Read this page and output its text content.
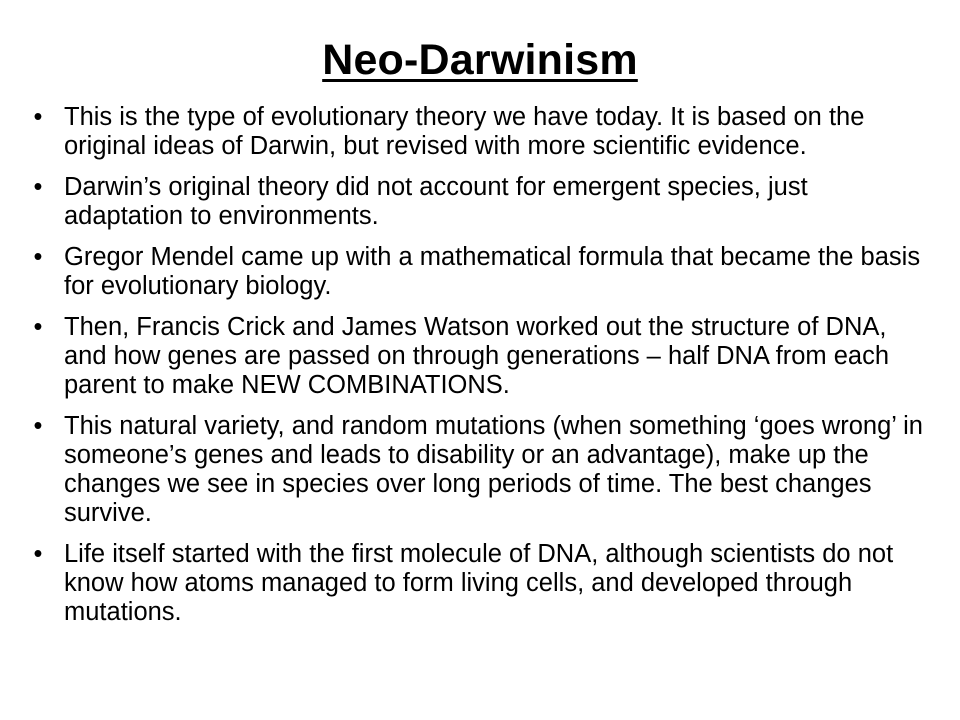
Neo-Darwinism
• This is the type of evolutionary theory we have today. It is based on the original ideas of Darwin, but revised with more scientific evidence.
• Darwin’s original theory did not account for emergent species, just adaptation to environments.
• Gregor Mendel came up with a mathematical formula that became the basis for evolutionary biology.
• Then, Francis Crick and James Watson worked out the structure of DNA, and how genes are passed on through generations – half DNA from each parent to make NEW COMBINATIONS.
• This natural variety, and random mutations (when something ‘goes wrong’ in someone’s genes and leads to disability or an advantage), make up the changes we see in species over long periods of time. The best changes survive.
• Life itself started with the first molecule of DNA, although scientists do not know how atoms managed to form living cells, and developed through mutations.
